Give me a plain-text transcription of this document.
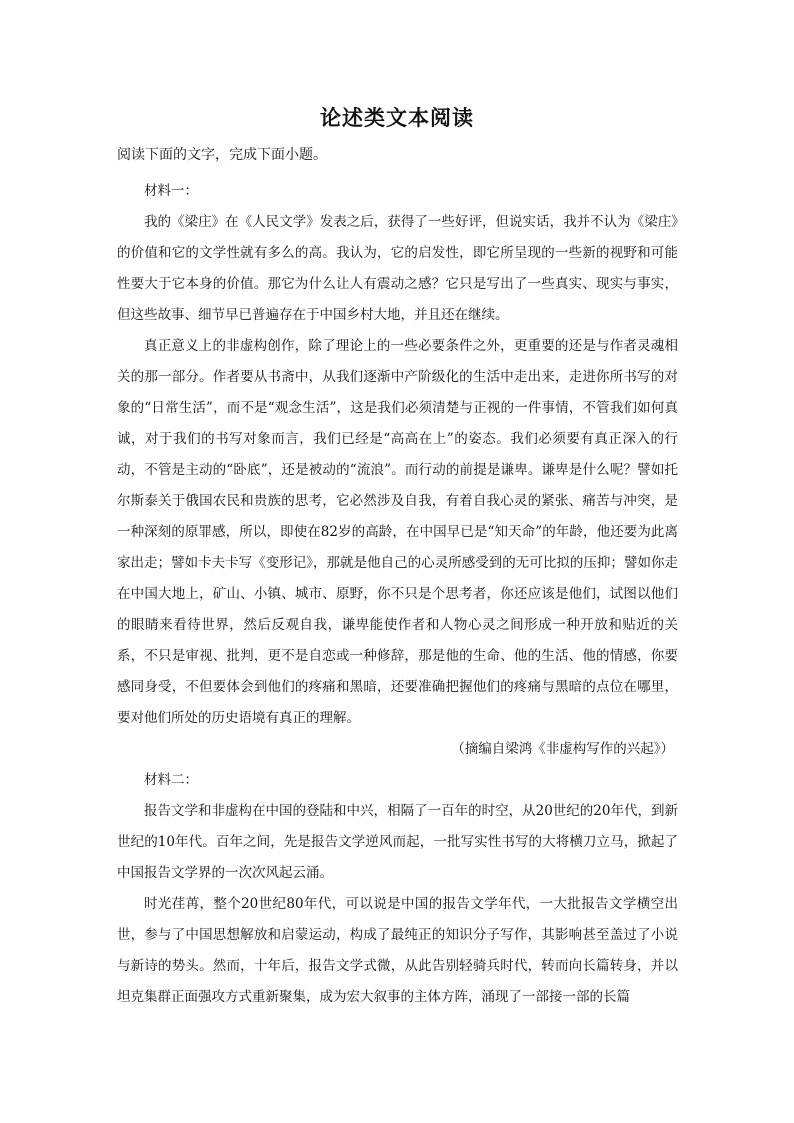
论述类文本阅读
阅读下面的文字，完成下面小题。

材料一：

我的《梁庄》在《人民文学》发表之后，获得了一些好评，但说实话，我并不认为《梁庄》的价值和它的文学性就有多么的高。我认为，它的启发性，即它所呈现的一些新的视野和可能性要大于它本身的价值。那它为什么让人有震动之感？它只是写出了一些真实、现实与事实，但这些故事、细节早已普遍存在于中国乡村大地，并且还在继续。

真正意义上的非虚构创作，除了理论上的一些必要条件之外，更重要的还是与作者灵魂相关的那一部分。作者要从书斋中，从我们逐渐中产阶级化的生活中走出来，走进你所书写的对象的“日常生活”，而不是“观念生活”，这是我们必须清楚与正视的一件事情，不管我们如何真诚，对于我们的书写对象而言，我们已经是“高高在上”的姿态。我们必须要有真正深入的行动，不管是主动的“卧底”，还是被动的“流浪”。而行动的前提是谦卑。谦卑是什么呢？譬如托尔斯泰关于俄国农民和贵族的思考，它必然涉及自我，有着自我心灵的紧张、痛苦与冲突，是一种深刻的原罪感，所以，即使在82岁的高龄，在中国早已是“知天命”的年龄，他还要为此离家出走；譬如卡夫卡写《变形记》，那就是他自己的心灵所感受到的无可比拟的压抑；譬如你走在中国大地上，矿山、小镇、城市、原野，你不只是个思考者，你还应该是他们，试图以他们的眼睛来看待世界，然后反观自我，谦卑能使作者和人物心灵之间形成一种开放和贴近的关系，不只是审视、批判，更不是自恋或一种修辞，那是他的生命、他的生活、他的情感，你要感同身受，不但要体会到他们的疼痛和黑暗，还要准确把握他们的疼痛与黑暗的点位在哪里，要对他们所处的历史语境有真正的理解。

（摘编自梁鸿《非虚构写作的兴起》）

材料二：

报告文学和非虚构在中国的登陆和中兴，相隔了一百年的时空，从20世纪的20年代，到新世纪的10年代。百年之间，先是报告文学逆风而起，一批写实性书写的大将横刀立马，掀起了中国报告文学界的一次次风起云涌。

时光荏苒，整个20世纪80年代，可以说是中国的报告文学年代，一大批报告文学横空出世，参与了中国思想解放和启蒙运动，构成了最纯正的知识分子写作，其影响甚至盖过了小说与新诗的势头。然而，十年后，报告文学式微，从此告别轻骑兵时代，转而向长篇转身，并以坦克集群正面强攻方式重新聚集，成为宏大叙事的主体方阵，涌现了一部接一部的长篇
